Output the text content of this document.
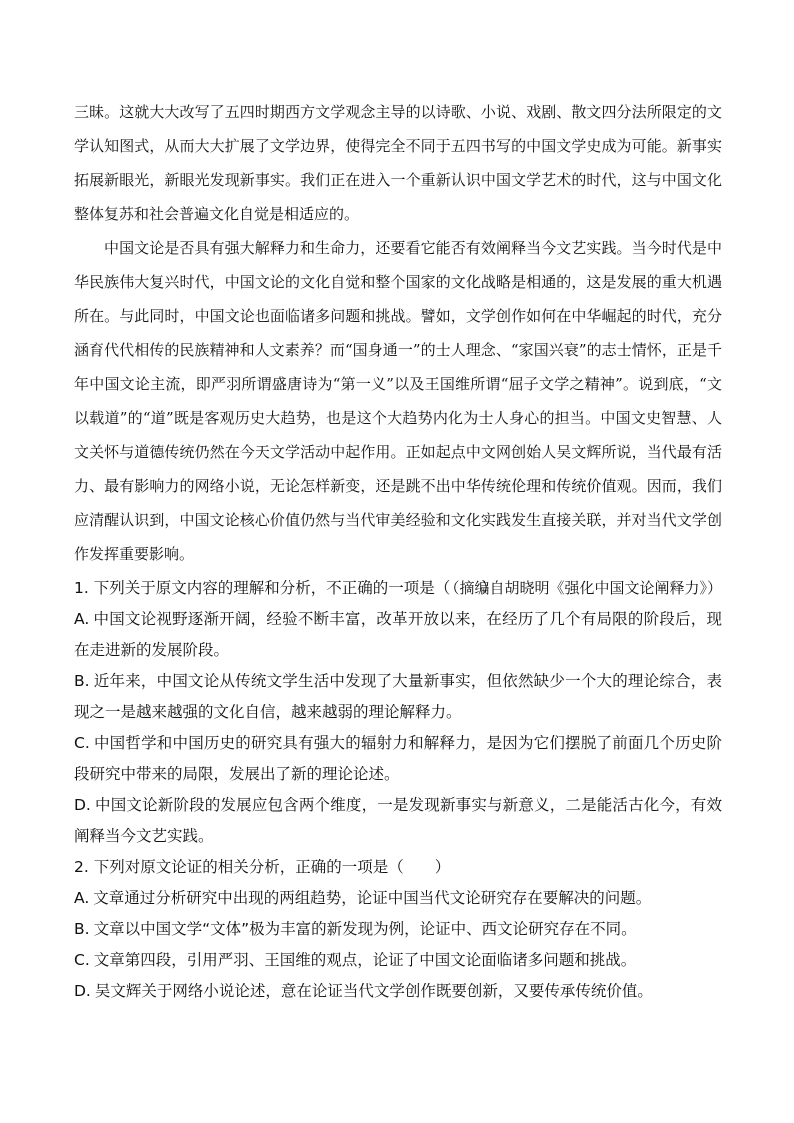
三昧。这就大大改写了五四时期西方文学观念主导的以诗歌、小说、戏剧、散文四分法所限定的文学认知图式，从而大大扩展了文学边界，使得完全不同于五四书写的中国文学史成为可能。新事实拓展新眼光，新眼光发现新事实。我们正在进入一个重新认识中国文学艺术的时代，这与中国文化整体复苏和社会普遍文化自觉是相适应的。

中国文论是否具有强大解释力和生命力，还要看它能否有效阐释当今文艺实践。当今时代是中华民族伟大复兴时代，中国文论的文化自觉和整个国家的文化战略是相通的，这是发展的重大机遇所在。与此同时，中国文论也面临诸多问题和挑战。譬如，文学创作如何在中华崛起的时代，充分涵育代代相传的民族精神和人文素养？而“国身通一”的士人理念、“家国兴衰”的志士情怀，正是千年中国文论主流，即严羽所谓盛唐诗为“第一义”以及王国维所谓“屈子文学之精神”。说到底，“文以载道”的“道”既是客观历史大趋势，也是这个大趋势内化为士人身心的担当。中国文史智慧、人文关怀与道德传统仍然在今天文学活动中起作用。正如起点中文网创始人吴文辉所说，当代最有活力、最有影响力的网络小说，无论怎样新变，还是跳不出中华传统伦理和传统价值观。因而，我们应清醒认识到，中国文论核心价值仍然与当代审美经验和文化实践发生直接关联，并对当代文学创作发挥重要影响。

（摘编自胡晓明《强化中国文论阐释力》）

1. 下列关于原文内容的理解和分析，不正确的一项是（　　）

A. 中国文论视野逐渐开阔，经验不断丰富，改革开放以来，在经历了几个有局限的阶段后，现在走进新的发展阶段。

B. 近年来，中国文论从传统文学生活中发现了大量新事实，但依然缺少一个大的理论综合，表现之一是越来越强的文化自信，越来越弱的理论解释力。

C. 中国哲学和中国历史的研究具有强大的辐射力和解释力，是因为它们摆脱了前面几个历史阶段研究中带来的局限，发展出了新的理论论述。

D. 中国文论新阶段的发展应包含两个维度，一是发现新事实与新意义，二是能活古化今，有效阐释当今文艺实践。

2. 下列对原文论证的相关分析，正确的一项是（　　）

A. 文章通过分析研究中出现的两组趋势，论证中国当代文论研究存在要解决的问题。

B. 文章以中国文学“文体”极为丰富的新发现为例，论证中、西文论研究存在不同。

C. 文章第四段，引用严羽、王国维的观点，论证了中国文论面临诸多问题和挑战。

D. 吴文辉关于网络小说论述，意在论证当代文学创作既要创新，又要传承传统价值。
